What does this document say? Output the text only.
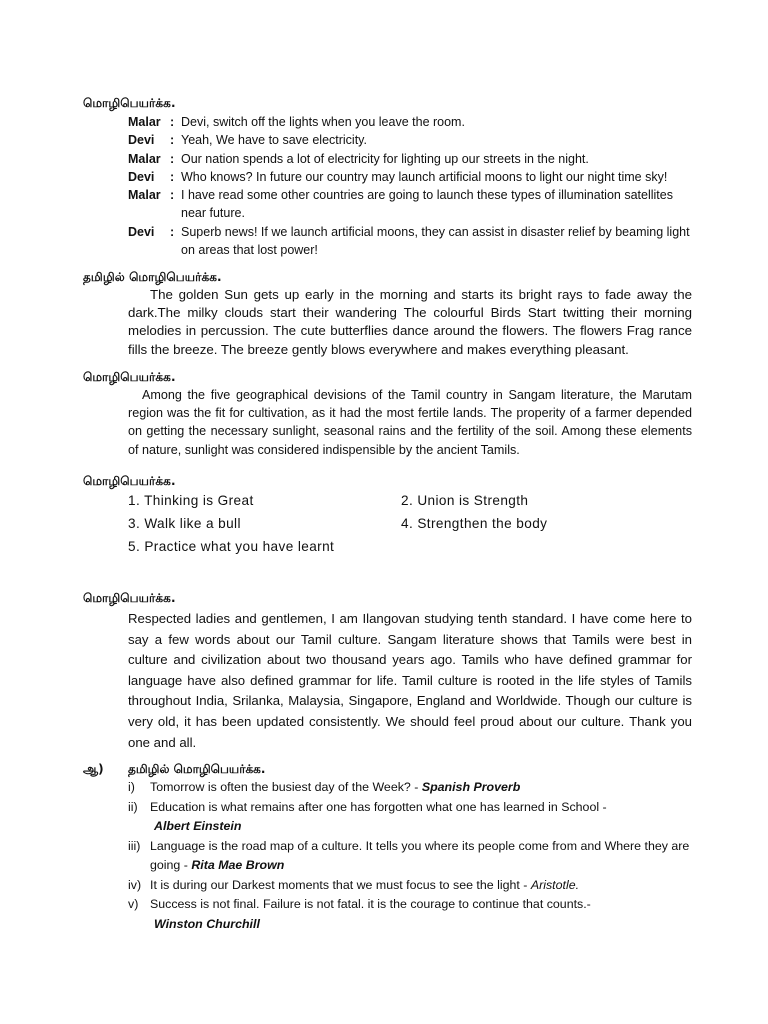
மொழிபெயர்க்க.
Malar : Devi, switch off the lights when you leave the room.
Devi	: Yeah, We have to save electricity.
Malar : Our nation spends a lot of electricity for lighting up our streets in the night.
Devi	: Who knows? In future our country may launch artificial moons to light our night time sky!
Malar : I have read some other countries are going to launch these types of illumination satellites near future.
Devi	: Superb news! If we launch artificial moons, they can assist in disaster relief by beaming light on areas that lost power!
தமிழில் மொழிபெயர்க்க.
The golden Sun gets up early in the morning and starts its bright rays to fade away the dark.The milky clouds start their wandering The colourful Birds Start twitting their morning melodies in percussion. The cute butterflies dance around the flowers. The flowers Frag rance fills the breeze. The breeze gently blows everywhere and makes everything pleasant.
மொழிபெயர்க்க.
Among the five geographical devisions of the Tamil country in Sangam literature, the Marutam region was the fit for cultivation, as it had the most fertile lands. The properity of a farmer depended on getting the necessary sunlight, seasonal rains and the fertility of the soil. Among these elements of nature, sunlight was considered indispensible by the ancient Tamils.
மொழிபெயர்க்க.
1. Thinking is Great	2. Union is Strength
3. Walk like a bull	4. Strengthen the body
5. Practice what you have learnt
மொழிபெயர்க்க.
Respected ladies and gentlemen, I am Ilangovan studying tenth standard. I have come here to say a few words about our Tamil culture. Sangam literature shows that Tamils were best in culture and civilization about two thousand years ago. Tamils who have defined grammar for language have also defined grammar for life. Tamil culture is rooted in the life styles of Tamils throughout India, Srilanka, Malaysia, Singapore, England and Worldwide. Though our culture is very old, it has been updated consistently. We should feel proud about our culture. Thank you one and all.
ஆ) தமிழில் மொழிபெயர்க்க.
i)	Tomorrow is often the busiest day of the Week? - Spanish Proverb
ii) Education is what remains after one has forgotten what one has learned in School -
Albert Einstein
iii) Language is the road map of a culture. It tells you where its people come from and Where they are going - Rita Mae Brown
iv) It is during our Darkest moments that we must focus to see the light - Aristotle.
v) Success is not final. Failure is not fatal. it is the courage to continue that counts.-
Winston Churchill
